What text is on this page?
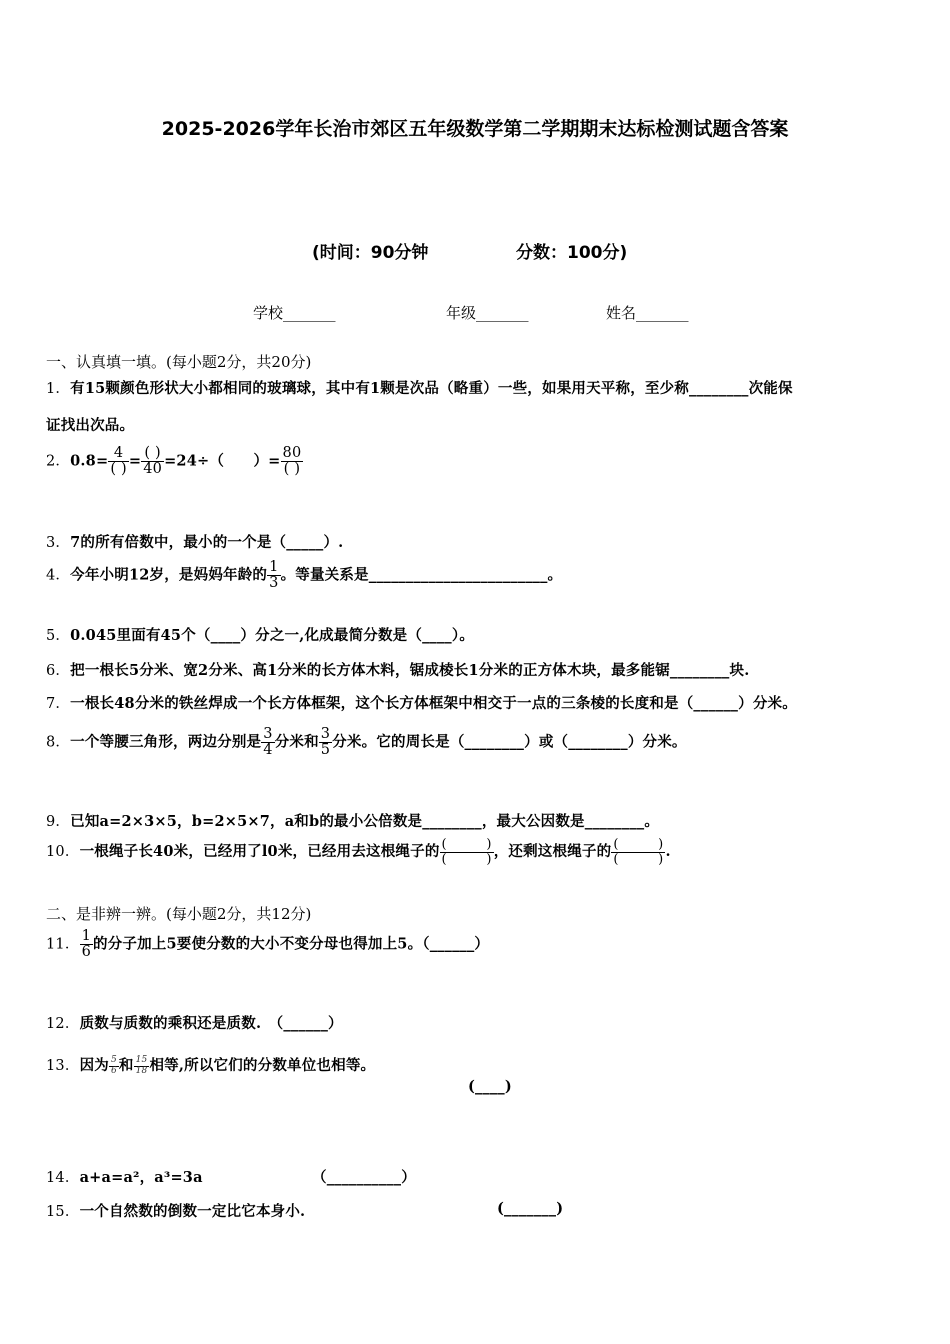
2025-2026学年长治市郊区五年级数学第二学期期末达标检测试题含答案
(时间：90分钟	分数：100分)
学校_______	年级_______	姓名_______
一、认真填一填。(每小题2分，共20分)
1．有15颗颜色形状大小都相同的玻璃球，其中有1颗是次品（略重）一些，如果用天平称，至少称________次能保
证找出次品。
2．$0.8= \frac{4}{( )} = \frac{( )}{40} =24\div$（　　）= $\frac{80}{( )}$
3．7的所有倍数中，最小的一个是（_____）.
4．今年小明12岁，是妈妈年龄的 $\frac{1}{3}$ 。等量关系是________________________。
5．0.045里面有45个（____）分之一,化成最简分数是（____）。
6．把一根长5分米、宽2分米、高1分米的长方体木料，锯成棱长1分米的正方体木块，最多能锯________块.
7．一根长48分米的铁丝焊成一个长方体框架，这个长方体框架中相交于一点的三条棱的长度和是（______）分米。
8．一个等腰三角形，两边分别是 $\frac{3}{4}$ 分米和 $\frac{3}{5}$ 分米。它的周长是（________）或（________）分米。
9．已知a=2×3×5，b=2×5×7，a和b的最小公倍数是________，最大公因数是________。
10．一根绳子长40米，已经用了l0米，已经用去这根绳子的 $\frac{( )}{( )}$ ，还剩这根绳子的 $\frac{( )}{( )}$ .
二、是非辨一辨。(每小题2分，共12分)
11． $\frac{1}{6}$ 的分子加上5要使分数的大小不变分母也得加上5。（______）
12．质数与质数的乘积还是质数.　（______）
13．因为 $\frac{5}{6}$ 和 $\frac{15}{18}$ 相等,所以它们的分数单位也相等。
(____)
14．a+a=a²，a³=3a	（__________）
15．一个自然数的倒数一定比它本身小.	(_______)
